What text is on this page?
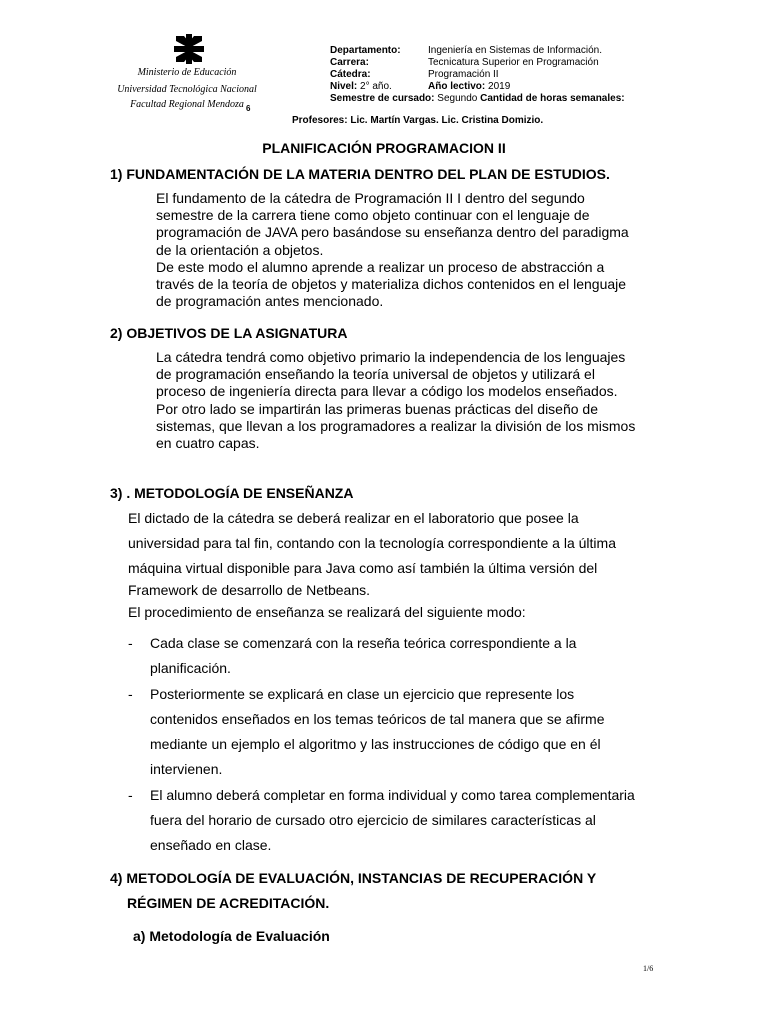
Ministerio de Educación
Universidad Tecnológica Nacional
Facultad Regional Mendoza 6
Departamento:	Ingeniería en Sistemas de Información.
Carrera:	Tecnicatura Superior en Programación
Cátedra:	Programación II
Nivel: 2° año.	Año lectivo: 2019
Semestre de cursado: Segundo Cantidad de horas semanales:
Profesores: Lic. Martín Vargas. Lic. Cristina Domizio.
PLANIFICACIÓN PROGRAMACION II
1) FUNDAMENTACIÓN DE LA MATERIA DENTRO DEL PLAN DE ESTUDIOS.
El fundamento de la cátedra de Programación II I dentro del segundo
semestre de la carrera tiene como objeto continuar con el lenguaje de
programación de JAVA pero basándose su enseñanza dentro del paradigma
de la orientación a objetos.
De este modo el alumno aprende a realizar un proceso de abstracción a
través de la teoría de objetos y materializa dichos contenidos en el lenguaje
de programación antes mencionado.
2) OBJETIVOS DE LA ASIGNATURA
La cátedra tendrá como objetivo primario la independencia de los lenguajes
de programación enseñando la teoría universal de objetos y utilizará el
proceso de ingeniería directa para llevar a código los modelos enseñados.
Por otro lado se impartirán las primeras buenas prácticas del diseño de
sistemas, que llevan a los programadores a realizar la división de los mismos
en cuatro capas.
3) . METODOLOGÍA DE ENSEÑANZA
El dictado de la cátedra se deberá realizar en el laboratorio que posee la
universidad para tal fin, contando con la tecnología correspondiente a la última
máquina virtual disponible para Java como así también la última versión del
Framework de desarrollo de Netbeans.
El procedimiento de enseñanza se realizará del siguiente modo:
- Cada clase se comenzará con la reseña teórica correspondiente a la
planificación.
- Posteriormente se explicará en clase un ejercicio que represente los
contenidos enseñados en los temas teóricos de tal manera que se afirme
mediante un ejemplo el algoritmo y las instrucciones de código que en él
intervienen.
- El alumno deberá completar en forma individual y como tarea complementaria
fuera del horario de cursado otro ejercicio de similares características al
enseñado en clase.
4) METODOLOGÍA DE EVALUACIÓN, INSTANCIAS DE RECUPERACIÓN Y
RÉGIMEN DE ACREDITACIÓN.
a) Metodología de Evaluación
1/6
